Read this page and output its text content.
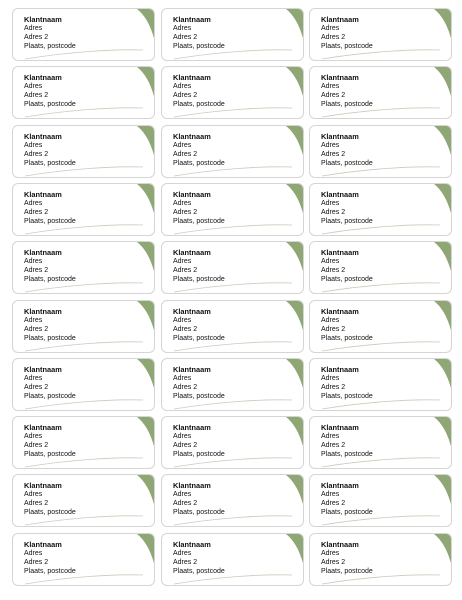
Klantnaam
Adres
Adres 2
Plaats, postcode
Klantnaam
Adres
Adres 2
Plaats, postcode
Klantnaam
Adres
Adres 2
Plaats, postcode
Klantnaam
Adres
Adres 2
Plaats, postcode
Klantnaam
Adres
Adres 2
Plaats, postcode
Klantnaam
Adres
Adres 2
Plaats, postcode
Klantnaam
Adres
Adres 2
Plaats, postcode
Klantnaam
Adres
Adres 2
Plaats, postcode
Klantnaam
Adres
Adres 2
Plaats, postcode
Klantnaam
Adres
Adres 2
Plaats, postcode
Klantnaam
Adres
Adres 2
Plaats, postcode
Klantnaam
Adres
Adres 2
Plaats, postcode
Klantnaam
Adres
Adres 2
Plaats, postcode
Klantnaam
Adres
Adres 2
Plaats, postcode
Klantnaam
Adres
Adres 2
Plaats, postcode
Klantnaam
Adres
Adres 2
Plaats, postcode
Klantnaam
Adres
Adres 2
Plaats, postcode
Klantnaam
Adres
Adres 2
Plaats, postcode
Klantnaam
Adres
Adres 2
Plaats, postcode
Klantnaam
Adres
Adres 2
Plaats, postcode
Klantnaam
Adres
Adres 2
Plaats, postcode
Klantnaam
Adres
Adres 2
Plaats, postcode
Klantnaam
Adres
Adres 2
Plaats, postcode
Klantnaam
Adres
Adres 2
Plaats, postcode
Klantnaam
Adres
Adres 2
Plaats, postcode
Klantnaam
Adres
Adres 2
Plaats, postcode
Klantnaam
Adres
Adres 2
Plaats, postcode
Klantnaam
Adres
Adres 2
Plaats, postcode
Klantnaam
Adres
Adres 2
Plaats, postcode
Klantnaam
Adres
Adres 2
Plaats, postcode
